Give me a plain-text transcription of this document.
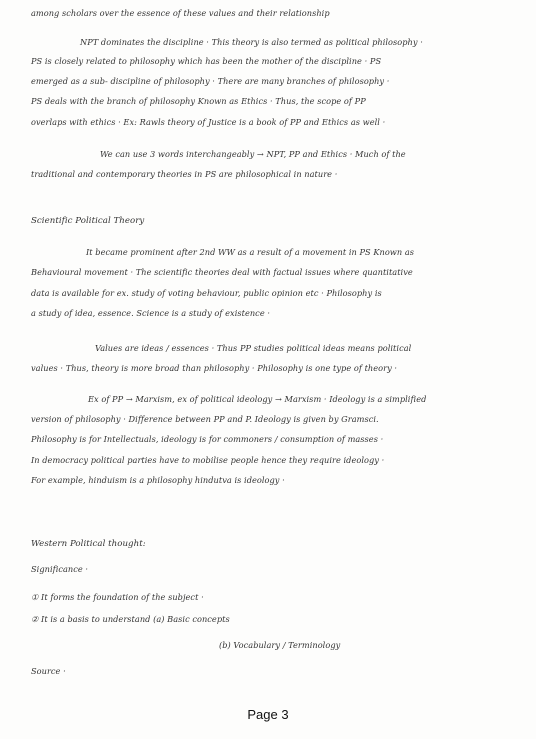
among scholars over the essence of these values and their relationship
NPT dominates the discipline · This theory is also termed as political philosophy ·
PS is closely related to philosophy which has been the mother of the discipline · PS
emerged as a sub- discipline of philosophy · There are many branches of philosophy ·
PS deals with the branch of philosophy Known as Ethics · Thus, the scope of PP
overlaps with ethics · Ex: Rawls theory of Justice is a book of PP and Ethics as well ·
We can use 3 words interchangeably → NPT, PP and Ethics · Much of the
traditional and contemporary theories in PS are philosophical in nature ·
Scientific Political Theory
It became prominent after 2nd WW as a result of a movement in PS Known as
Behavioural movement · The scientific theories deal with factual issues where quantitative
data is available for ex. study of voting behaviour, public opinion etc · Philosophy is
a study of idea, essence. Science is a study of existence ·
Values are ideas / essences · Thus PP studies political ideas means political
values · Thus, theory is more broad than philosophy · Philosophy is one type of theory ·
Ex of PP → Marxism, ex of political ideology → Marxism · Ideology is a simplified
version of philosophy · Difference between PP and P. Ideology is given by Gramsci.
Philosophy is for Intellectuals, ideology is for commoners / consumption of masses ·
In democracy political parties have to mobilise people hence they require ideology ·
For example, hinduism is a philosophy hindutva is ideology ·
Western Political thought:
Significance ·
① It forms the foundation of the subject ·
② It is a basis to understand (a) Basic concepts
(b) Vocabulary / Terminology
Source ·
Page 3
